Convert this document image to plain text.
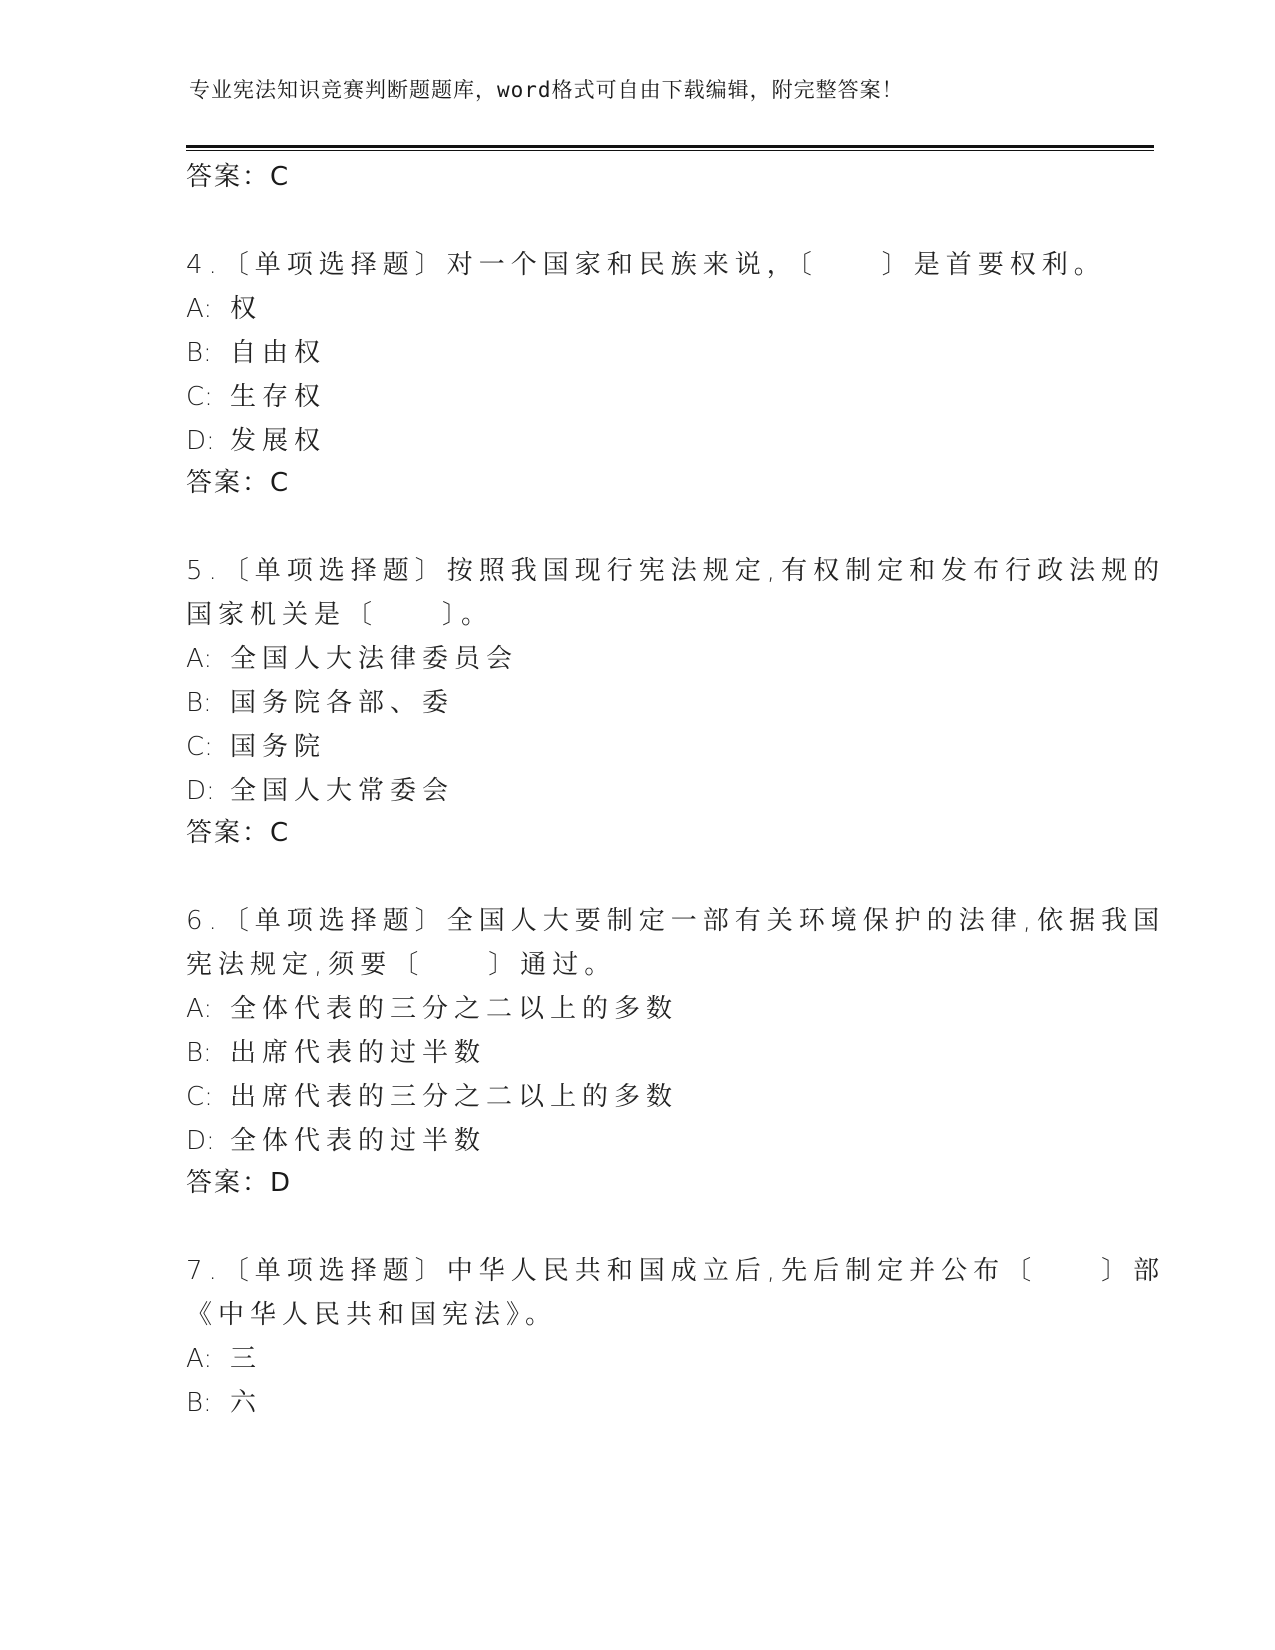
专业宪法知识竞赛判断题题库，word格式可自由下载编辑，附完整答案！
答案：C
4.〔单项选择题〕对一个国家和民族来说，〔　　〕是首要权利。
A: 权
B: 自由权
C: 生存权
D: 发展权
答案：C
5.〔单项选择题〕按照我国现行宪法规定,有权制定和发布行政法规的
国家机关是〔　　〕。
A: 全国人大法律委员会
B: 国务院各部、委
C: 国务院
D: 全国人大常委会
答案：C
6.〔单项选择题〕全国人大要制定一部有关环境保护的法律,依据我国
宪法规定,须要〔　　〕通过。
A: 全体代表的三分之二以上的多数
B: 出席代表的过半数
C: 出席代表的三分之二以上的多数
D: 全体代表的过半数
答案：D
7.〔单项选择题〕中华人民共和国成立后,先后制定并公布〔　　〕部
《中华人民共和国宪法》。
A: 三
B: 六
